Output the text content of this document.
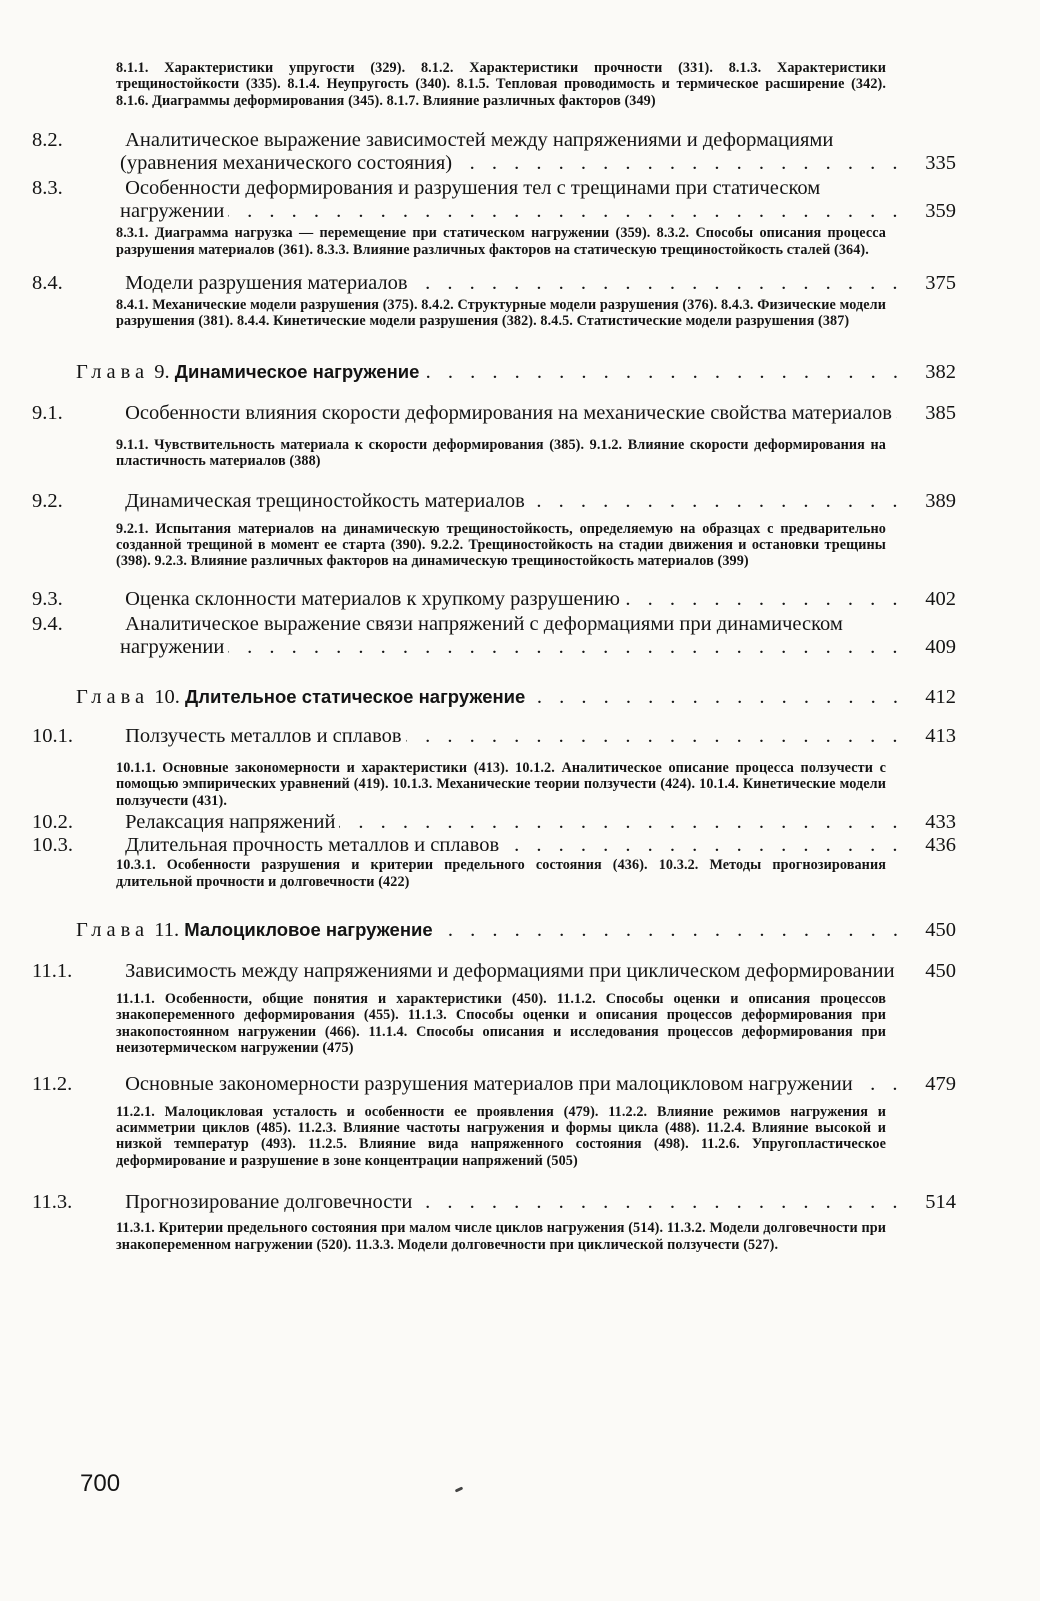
8.1.1. Характеристики упругости (329). 8.1.2. Характеристики прочности (331). 8.1.3. Характеристики трещиностойкости (335). 8.1.4. Неупругость (340). 8.1.5. Тепловая проводимость и термическое расширение (342). 8.1.6. Диаграммы деформирования (345). 8.1.7. Влияние различных факторов (349)
8.2.	Аналитическое выражение зависимостей между напряжениями и деформациями (уравнения механического состояния) . . .	335
8.3.	Особенности деформирования и разрушения тел с трещинами при статическом нагружении . . .	359
8.3.1. Диаграмма нагрузка — перемещение при статическом нагружении (359). 8.3.2. Способы описания процесса разрушения материалов (361). 8.3.3. Влияние различных факторов на статическую трещиностойкость сталей (364).
8.4.	Модели разрушения материалов . . .	375
8.4.1. Механические модели разрушения (375). 8.4.2. Структурные модели разрушения (376). 8.4.3. Физические модели разрушения (381). 8.4.4. Кинетические модели разрушения (382). 8.4.5. Статистические модели разрушения (387)
Глава 9. Динамическое нагружение . . .	382
9.1.	Особенности влияния скорости деформирования на механические свойства материалов . . .	385
9.1.1. Чувствительность материала к скорости деформирования (385). 9.1.2. Влияние скорости деформирования на пластичность материалов (388)
9.2.	Динамическая трещиностойкость материалов . . .	389
9.2.1. Испытания материалов на динамическую трещиностойкость, определяемую на образцах с предварительно созданной трещиной в момент ее старта (390). 9.2.2. Трещиностойкость на стадии движения и остановки трещины (398). 9.2.3. Влияние различных факторов на динамическую трещиностойкость материалов (399)
9.3.	Оценка склонности материалов к хрупкому разрушению . . .	402
9.4.	Аналитическое выражение связи напряжений с деформациями при динамическом нагружении . . .	409
Глава 10. Длительное статическое нагружение . . .	412
10.1.	Ползучесть металлов и сплавов . . .	413
10.1.1. Основные закономерности и характеристики (413). 10.1.2. Аналитическое описание процесса ползучести с помощью эмпирических уравнений (419). 10.1.3. Механические теории ползучести (424). 10.1.4. Кинетические модели ползучести (431).
10.2.	Релаксация напряжений . . .	433
10.3.	Длительная прочность металлов и сплавов . . .	436
10.3.1. Особенности разрушения и критерии предельного состояния (436). 10.3.2. Методы прогнозирования длительной прочности и долговечности (422)
Глава 11. Малоцикловое нагружение . . .	450
11.1.	Зависимость между напряжениями и деформациями при циклическом деформировании . . .	450
11.1.1. Особенности, общие понятия и характеристики (450). 11.1.2. Способы оценки и описания процессов знакопеременного деформирования (455). 11.1.3. Способы оценки и описания процессов деформирования при знакопостоянном нагружении (466). 11.1.4. Способы описания и исследования процессов деформирования при неизотермическом нагружении (475)
11.2.	Основные закономерности разрушения материалов при малоцикловом нагружении . . .	479
11.2.1. Малоцикловая усталость и особенности ее проявления (479). 11.2.2. Влияние режимов нагружения и асимметрии циклов (485). 11.2.3. Влияние частоты нагружения и формы цикла (488). 11.2.4. Влияние высокой и низкой температур (493). 11.2.5. Влияние вида напряженного состояния (498). 11.2.6. Упругопластическое деформирование и разрушение в зоне концентрации напряжений (505)
11.3.	Прогнозирование долговечности . . .	514
11.3.1. Критерии предельного состояния при малом числе циклов нагружения (514). 11.3.2. Модели долговечности при знакопеременном нагружении (520). 11.3.3. Модели долговечности при циклической ползучести (527).
700
